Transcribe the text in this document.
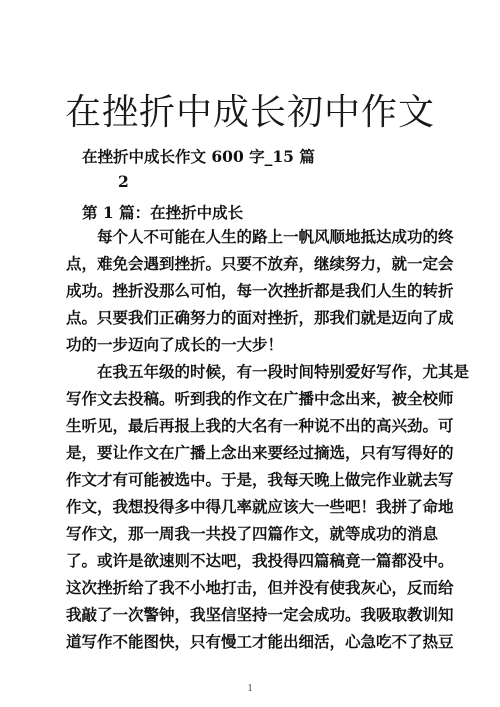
在挫折中成长初中作文

在挫折中成长作文 600 字_15 篇

2

第 1 篇：在挫折中成长

　　每个人不可能在人生的路上一帆风顺地抵达成功的终

点，难免会遇到挫折。只要不放弃，继续努力，就一定会

成功。挫折没那么可怕，每一次挫折都是我们人生的转折

点。只要我们正确努力的面对挫折，那我们就是迈向了成

功的一步迈向了成长的一大步！

　　在我五年级的时候，有一段时间特别爱好写作，尤其是

写作文去投稿。听到我的作文在广播中念出来，被全校师

生听见，最后再报上我的大名有一种说不出的高兴劲。可

是，要让作文在广播上念出来要经过摘选，只有写得好的

作文才有可能被选中。于是，我每天晚上做完作业就去写

作文，我想投得多中得几率就应该大一些吧！我拼了命地

写作文，那一周我一共投了四篇作文，就等成功的消息

了。或许是欲速则不达吧，我投得四篇稿竟一篇都没中。

这次挫折给了我不小地打击，但并没有使我灰心，反而给

我敲了一次警钟，我坚信坚持一定会成功。我吸取教训知

道写作不能图快，只有慢工才能出细活，心急吃不了热豆

1
